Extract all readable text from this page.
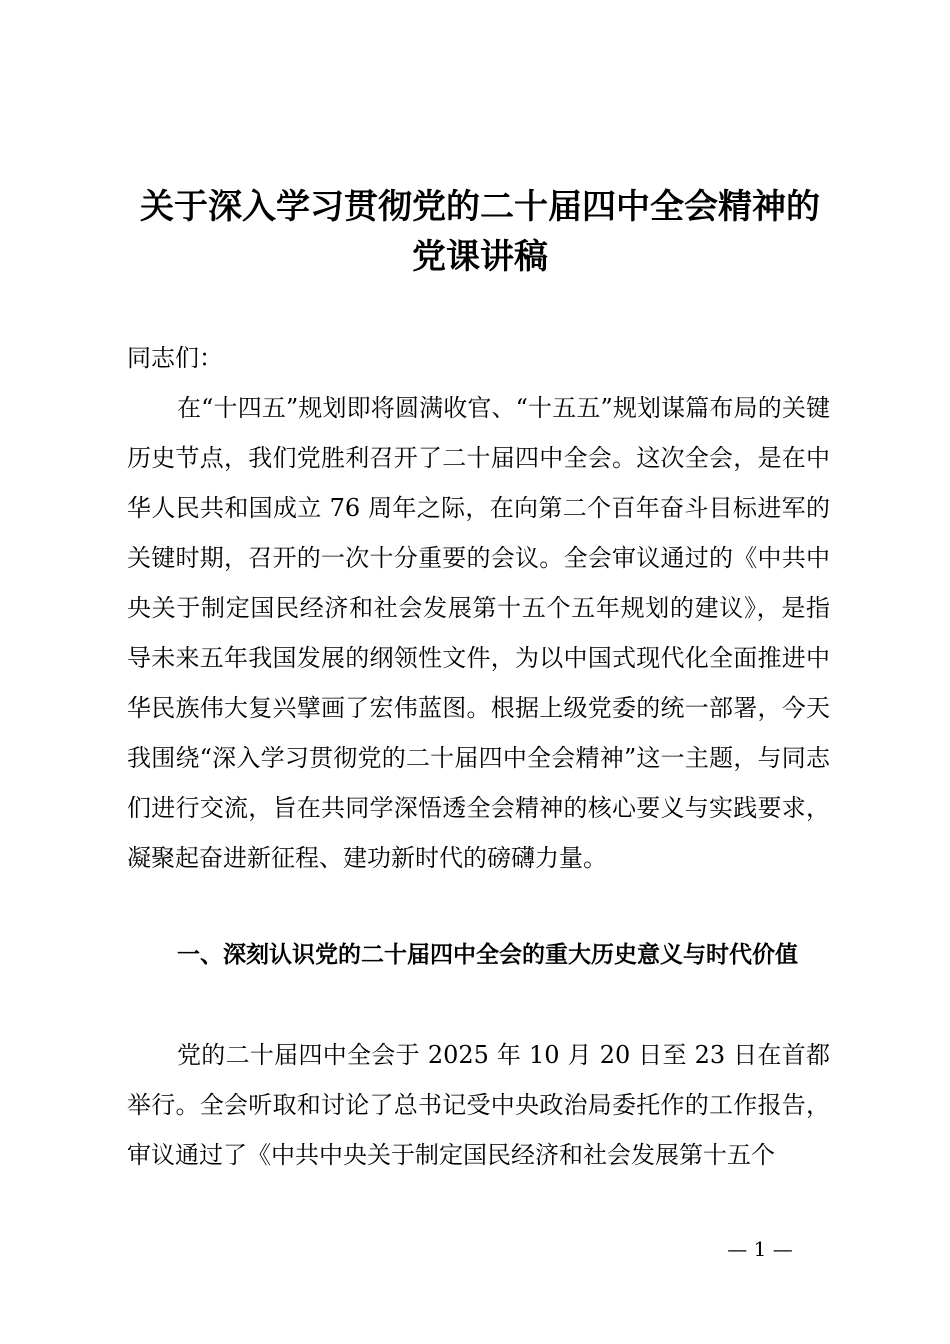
关于深入学习贯彻党的二十届四中全会精神的
党课讲稿

同志们：

在“十四五”规划即将圆满收官、“十五五”规划谋篇布局的关键历史节点，我们党胜利召开了二十届四中全会。这次全会，是在中华人民共和国成立 76 周年之际，在向第二个百年奋斗目标进军的关键时期，召开的一次十分重要的会议。全会审议通过的《中共中央关于制定国民经济和社会发展第十五个五年规划的建议》，是指导未来五年我国发展的纲领性文件，为以中国式现代化全面推进中华民族伟大复兴擘画了宏伟蓝图。根据上级党委的统一部署，今天我围绕“深入学习贯彻党的二十届四中全会精神”这一主题，与同志们进行交流，旨在共同学深悟透全会精神的核心要义与实践要求，凝聚起奋进新征程、建功新时代的磅礴力量。

一、深刻认识党的二十届四中全会的重大历史意义与时代价值

党的二十届四中全会于 2025 年 10 月 20 日至 23 日在首都举行。全会听取和讨论了总书记受中央政治局委托作的工作报告，审议通过了《中共中央关于制定国民经济和社会发展第十五个

— 1 —
